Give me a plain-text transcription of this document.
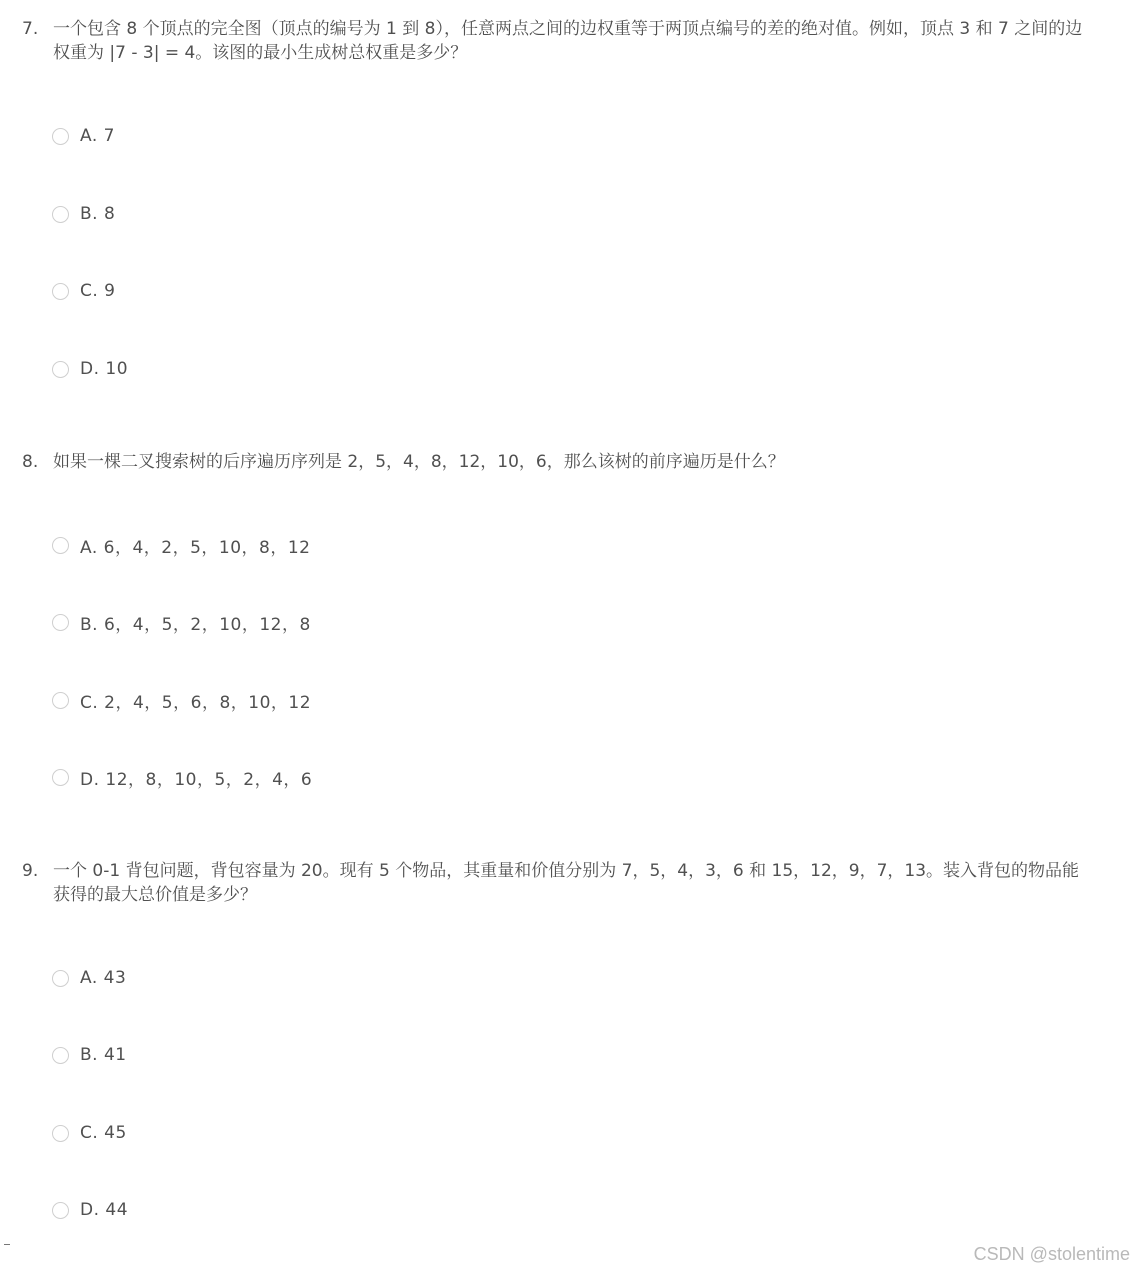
7. 一个包含 8 个顶点的完全图（顶点的编号为 1 到 8），任意两点之间的边权重等于两顶点编号的差的绝对值。例如，顶点 3 和 7 之间的边权重为 |7 - 3| = 4。该图的最小生成树总权重是多少？
A. 7
B. 8
C. 9
D. 10
8. 如果一棵二叉搜索树的后序遍历序列是 2，5，4，8，12，10，6，那么该树的前序遍历是什么？
A. 6，4，2，5，10，8，12
B. 6，4，5，2，10，12，8
C. 2，4，5，6，8，10，12
D. 12，8，10，5，2，4，6
9. 一个 0-1 背包问题，背包容量为 20。现有 5 个物品，其重量和价值分别为 7，5，4，3，6 和 15，12，9，7，13。装入背包的物品能获得的最大总价值是多少？
A. 43
B. 41
C. 45
D. 44
CSDN @stolentime
